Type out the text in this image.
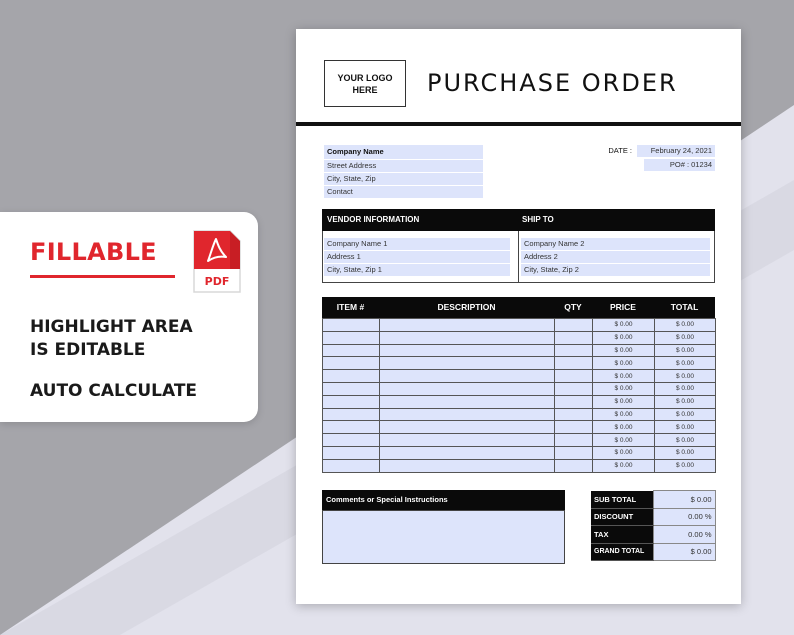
FILLABLE
PDF
HIGHLIGHT AREA
IS EDITABLE
AUTO CALCULATE
YOUR LOGO
HERE	PURCHASE ORDER
Company Name
Street Address
City, State, Zip
Contact
DATE :	February 24, 2021
PO# : 01234
VENDOR INFORMATION	SHIP TO
Company Name 1
Address 1
City, State, Zip 1
Company Name 2
Address 2
City, State, Zip 2
ITEM #	DESCRIPTION	QTY	PRICE	TOTAL
			$ 0.00	$ 0.00
			$ 0.00	$ 0.00
			$ 0.00	$ 0.00
			$ 0.00	$ 0.00
			$ 0.00	$ 0.00
			$ 0.00	$ 0.00
			$ 0.00	$ 0.00
			$ 0.00	$ 0.00
			$ 0.00	$ 0.00
			$ 0.00	$ 0.00
			$ 0.00	$ 0.00
			$ 0.00	$ 0.00
Comments or Special Instructions	SUB TOTAL	$ 0.00
DISCOUNT	0.00 %
TAX	0.00 %
GRAND TOTAL	$ 0.00
